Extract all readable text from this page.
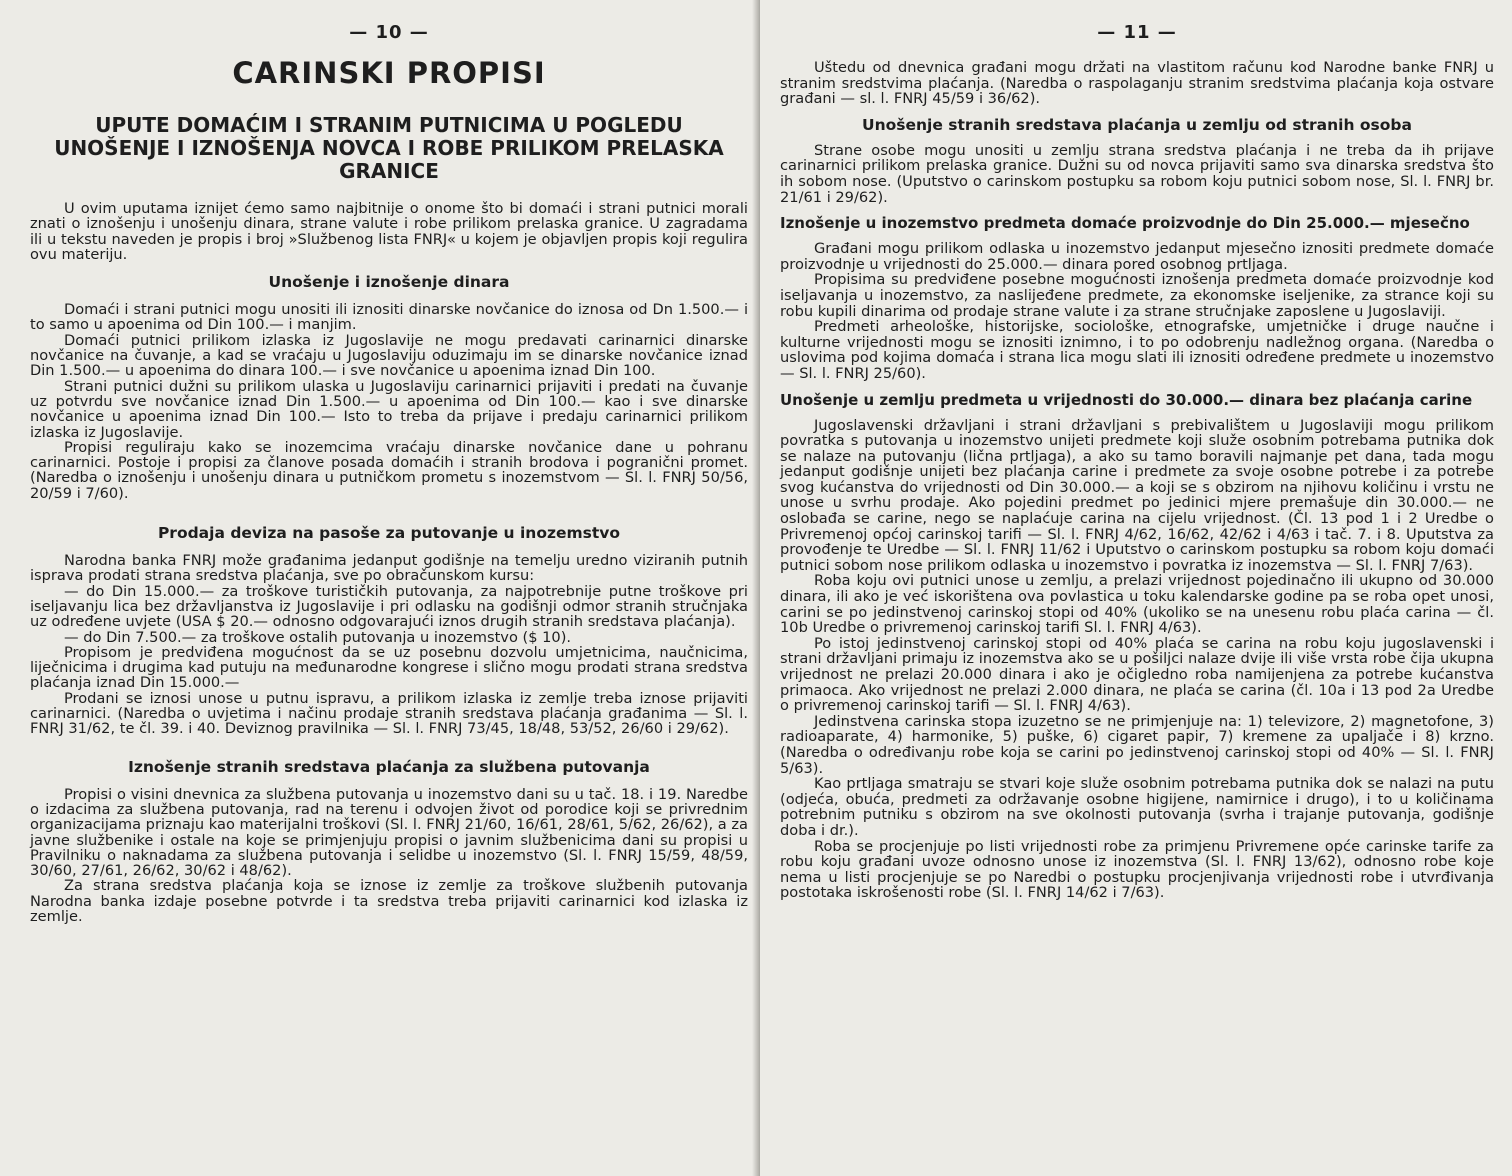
— 10 —
CARINSKI PROPISI
UPUTE DOMAĆIM I STRANIM PUTNICIMA U POGLEDU UNOŠENJE I IZNOŠENJA NOVCA I ROBE PRILIKOM PRELASKA GRANICE

U ovim uputama iznijet ćemo samo najbitnije o onome što bi domaći i strani putnici morali znati o iznošenju i unošenju dinara, strane valute i robe prilikom prelaska granice. U zagradama ili u tekstu naveden je propis i broj »Službenog lista FNRJ« u kojem je objavljen propis koji regulira ovu materiju.

Unošenje i iznošenje dinara

Domaći i strani putnici mogu unositi ili iznositi dinarske novčanice do iznosa od Dn 1.500.— i to samo u apoenima od Din 100.— i manjim.

Domaći putnici prilikom izlaska iz Jugoslavije ne mogu predavati carinarnici dinarske novčanice na čuvanje, a kad se vraćaju u Jugoslaviju oduzimaju im se dinarske novčanice iznad Din 1.500.— u apoenima do dinara 100.— i sve novčanice u apoenima iznad Din 100.

Strani putnici dužni su prilikom ulaska u Jugoslaviju carinarnici prijaviti i predati na čuvanje uz potvrdu sve novčanice iznad Din 1.500.— u apoenima od Din 100.— kao i sve dinarske novčanice u apoenima iznad Din 100.— Isto to treba da prijave i predaju carinarnici prilikom izlaska iz Jugoslavije.

Propisi reguliraju kako se inozemcima vraćaju dinarske novčanice dane u pohranu carinarnici. Postoje i propisi za članove posada domaćih i stranih brodova i pogranični promet. (Naredba o iznošenju i unošenju dinara u putničkom prometu s inozemstvom — Sl. l. FNRJ 50/56, 20/59 i 7/60).

Prodaja deviza na pasoše za putovanje u inozemstvo

Narodna banka FNRJ može građanima jedanput godišnje na temelju uredno viziranih putnih isprava prodati strana sredstva plaćanja, sve po obračunskom kursu:

— do Din 15.000.— za troškove turističkih putovanja, za najpotrebnije putne troškove pri iseljavanju lica bez državljanstva iz Jugoslavije i pri odlasku na godišnji odmor stranih stručnjaka uz određene uvjete (USA $ 20.— odnosno odgovarajući iznos drugih stranih sredstava plaćanja).

— do Din 7.500.— za troškove ostalih putovanja u inozemstvo ($ 10).

Propisom je predviđena mogućnost da se uz posebnu dozvolu umjetnicima, naučnicima, liječnicima i drugima kad putuju na međunarodne kongrese i slično mogu prodati strana sredstva plaćanja iznad Din 15.000.—

Prodani se iznosi unose u putnu ispravu, a prilikom izlaska iz zemlje treba iznose prijaviti carinarnici. (Naredba o uvjetima i načinu prodaje stranih sredstava plaćanja građanima — Sl. l. FNRJ 31/62, te čl. 39. i 40. Deviznog pravilnika — Sl. l. FNRJ 73/45, 18/48, 53/52, 26/60 i 29/62).

Iznošenje stranih sredstava plaćanja za službena putovanja

Propisi o visini dnevnica za službena putovanja u inozemstvo dani su u tač. 18. i 19. Naredbe o izdacima za službena putovanja, rad na terenu i odvojen život od porodice koji se privrednim organizacijama priznaju kao materijalni troškovi (Sl. l. FNRJ 21/60, 16/61, 28/61, 5/62, 26/62), a za javne službenike i ostale na koje se primjenjuju propisi o javnim službenicima dani su propisi u Pravilniku o naknadama za službena putovanja i selidbe u inozemstvo (Sl. l. FNRJ 15/59, 48/59, 30/60, 27/61, 26/62, 30/62 i 48/62).

Za strana sredstva plaćanja koja se iznose iz zemlje za troškove službenih putovanja Narodna banka izdaje posebne potvrde i ta sredstva treba prijaviti carinarnici kod izlaska iz zemlje.

— 11 —

Uštedu od dnevnica građani mogu držati na vlastitom računu kod Narodne banke FNRJ u stranim sredstvima plaćanja. (Naredba o raspolaganju stranim sredstvima plaćanja koja ostvare građani — sl. l. FNRJ 45/59 i 36/62).

Unošenje stranih sredstava plaćanja u zemlju od stranih osoba

Strane osobe mogu unositi u zemlju strana sredstva plaćanja i ne treba da ih prijave carinarnici prilikom prelaska granice. Dužni su od novca prijaviti samo sva dinarska sredstva što ih sobom nose. (Uputstvo o carinskom postupku sa robom koju putnici sobom nose, Sl. l. FNRJ br. 21/61 i 29/62).

Iznošenje u inozemstvo predmeta domaće proizvodnje do Din 25.000.— mjesečno

Građani mogu prilikom odlaska u inozemstvo jedanput mjesečno iznositi predmete domaće proizvodnje u vrijednosti do 25.000.— dinara pored osobnog prtljaga.

Propisima su predviđene posebne mogućnosti iznošenja predmeta domaće proizvodnje kod iseljavanja u inozemstvo, za naslijeđene predmete, za ekonomske iseljenike, za strance koji su robu kupili dinarima od prodaje strane valute i za strane stručnjake zaposlene u Jugoslaviji.

Predmeti arheološke, historijske, sociološke, etnografske, umjetničke i druge naučne i kulturne vrijednosti mogu se iznositi iznimno, i to po odobrenju nadležnog organa. (Naredba o uslovima pod kojima domaća i strana lica mogu slati ili iznositi određene predmete u inozemstvo — Sl. l. FNRJ 25/60).

Unošenje u zemlju predmeta u vrijednosti do 30.000.— dinara bez plaćanja carine

Jugoslavenski državljani i strani državljani s prebivalištem u Jugoslaviji mogu prilikom povratka s putovanja u inozemstvo unijeti predmete koji služe osobnim potrebama putnika dok se nalaze na putovanju (lična prtljaga), a ako su tamo boravili najmanje pet dana, tada mogu jedanput godišnje unijeti bez plaćanja carine i predmete za svoje osobne potrebe i za potrebe svog kućanstva do vrijednosti od Din 30.000.— a koji se s obzirom na njihovu količinu i vrstu ne unose u svrhu prodaje. Ako pojedini predmet po jedinici mjere premašuje din 30.000.— ne oslobađa se carine, nego se naplaćuje carina na cijelu vrijednost. (Čl. 13 pod 1 i 2 Uredbe o Privremenoj općoj carinskoj tarifi — Sl. l. FNRJ 4/62, 16/62, 42/62 i 4/63 i tač. 7. i 8. Uputstva za provođenje te Uredbe — Sl. l. FNRJ 11/62 i Uputstvo o carinskom postupku sa robom koju domaći putnici sobom nose prilikom odlaska u inozemstvo i povratka iz inozemstva — Sl. l. FNRJ 7/63).

Roba koju ovi putnici unose u zemlju, a prelazi vrijednost pojedinačno ili ukupno od 30.000 dinara, ili ako je već iskorištena ova povlastica u toku kalendarske godine pa se roba opet unosi, carini se po jedinstvenoj carinskoj stopi od 40% (ukoliko se na unesenu robu plaća carina — čl. 10b Uredbe o privremenoj carinskoj tarifi Sl. l. FNRJ 4/63).

Po istoj jedinstvenoj carinskoj stopi od 40% plaća se carina na robu koju jugoslavenski i strani državljani primaju iz inozemstva ako se u pošiljci nalaze dvije ili više vrsta robe čija ukupna vrijednost ne prelazi 20.000 dinara i ako je očigledno roba namijenjena za potrebe kućanstva primaoca. Ako vrijednost ne prelazi 2.000 dinara, ne plaća se carina (čl. 10a i 13 pod 2a Uredbe o privremenoj carinskoj tarifi — Sl. l. FNRJ 4/63).

Jedinstvena carinska stopa izuzetno se ne primjenjuje na: 1) televizore, 2) magnetofone, 3) radioaparate, 4) harmonike, 5) puške, 6) cigaret papir, 7) kremene za upaljače i 8) krzno. (Naredba o određivanju robe koja se carini po jedinstvenoj carinskoj stopi od 40% — Sl. l. FNRJ 5/63).

Kao prtljaga smatraju se stvari koje služe osobnim potrebama putnika dok se nalazi na putu (odjeća, obuća, predmeti za održavanje osobne higijene, namirnice i drugo), i to u količinama potrebnim putniku s obzirom na sve okolnosti putovanja (svrha i trajanje putovanja, godišnje doba i dr.).

Roba se procjenjuje po listi vrijednosti robe za primjenu Privremene opće carinske tarife za robu koju građani uvoze odnosno unose iz inozemstva (Sl. l. FNRJ 13/62), odnosno robe koje nema u listi procjenjuje se po Naredbi o postupku procjenjivanja vrijednosti robe i utvrđivanja postotaka iskrošenosti robe (Sl. l. FNRJ 14/62 i 7/63).
